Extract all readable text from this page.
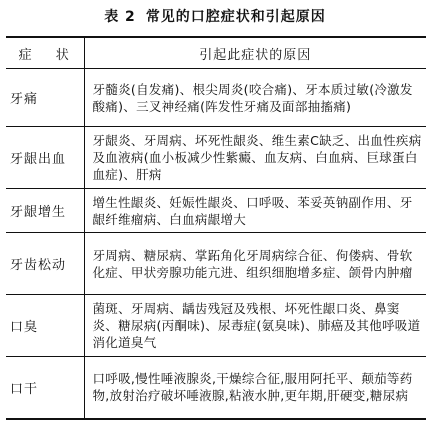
表 2 常见的口腔症状和引起原因
症 状	引起此症状的原因
牙痛	牙髓炎(自发痛)、根尖周炎(咬合痛)、牙本质过敏(冷激发酸痛)、三叉神经痛(阵发性牙痛及面部抽搐痛)
牙龈出血	牙龈炎、牙周病、坏死性龈炎、维生素C缺乏、出血性疾病及血液病(血小板减少性紫癜、血友病、白血病、巨球蛋白血症)、肝病
牙龈增生	增生性龈炎、妊娠性龈炎、口呼吸、苯妥英钠副作用、牙龈纤维瘤病、白血病龈增大
牙齿松动	牙周病、糖尿病、掌跖角化牙周病综合征、佝偻病、骨软化症、甲状旁腺功能亢进、组织细胞增多症、颌骨内肿瘤
口臭	菌斑、牙周病、龋齿残冠及残根、坏死性龈口炎、鼻窦炎、糖尿病(丙酮味)、尿毒症(氨臭味)、肺癌及其他呼吸道消化道臭气
口干	口呼吸,慢性唾液腺炎,干燥综合征,服用阿托平、颠茄等药物,放射治疗破坏唾液腺,粘液水肿,更年期,肝硬变,糖尿病
